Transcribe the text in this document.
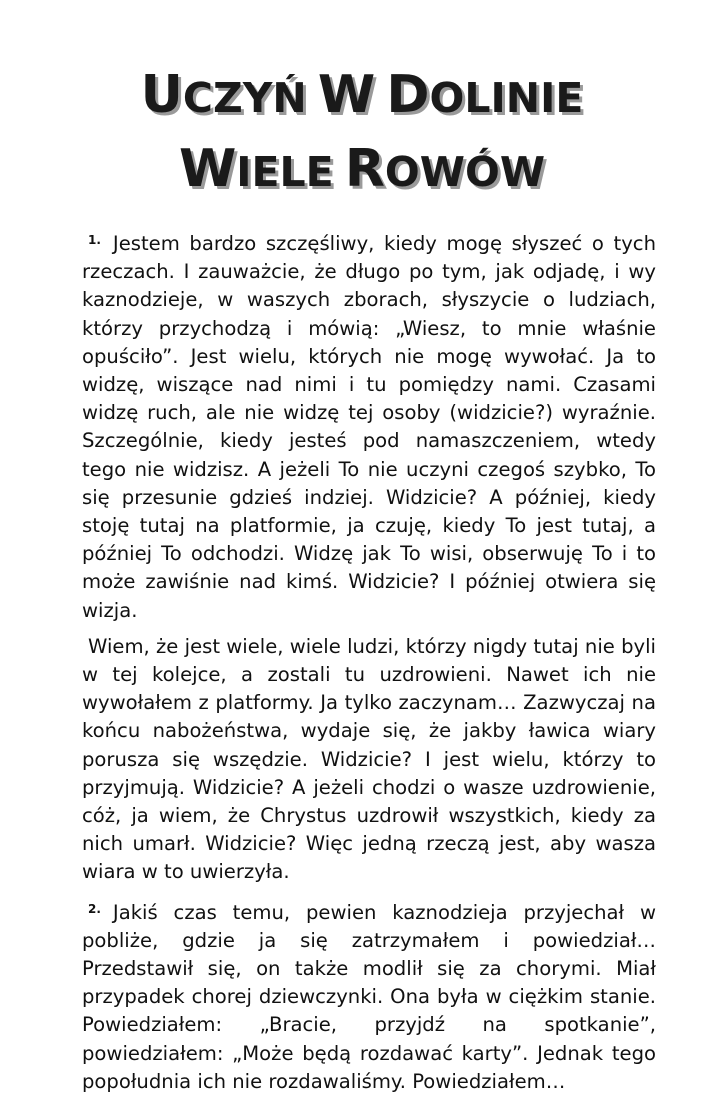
UCZYŃ W DOLINIE
WIELE ROWÓW

$^{1.}$ Jestem bardzo szczęśliwy, kiedy mogę słyszeć o tych rzeczach. I zauważcie, że długo po tym, jak odjadę, i wy kaznodzieje, w waszych zborach, słyszycie o ludziach, którzy przychodzą i mówią: „Wiesz, to mnie właśnie opuściło”. Jest wielu, których nie mogę wywołać. Ja to widzę, wiszące nad nimi i tu pomiędzy nami. Czasami widzę ruch, ale nie widzę tej osoby (widzicie?) wyraźnie. Szczególnie, kiedy jesteś pod namaszczeniem, wtedy tego nie widzisz. A jeżeli To nie uczyni czegoś szybko, To się przesunie gdzieś indziej. Widzicie? A później, kiedy stoję tutaj na platformie, ja czuję, kiedy To jest tutaj, a później To odchodzi. Widzę jak To wisi, obserwuję To i to może zawiśnie nad kimś. Widzicie? I później otwiera się wizja.

Wiem, że jest wiele, wiele ludzi, którzy nigdy tutaj nie byli w tej kolejce, a zostali tu uzdrowieni. Nawet ich nie wywołałem z platformy. Ja tylko zaczynam… Zazwyczaj na końcu nabożeństwa, wydaje się, że jakby ławica wiary porusza się wszędzie. Widzicie? I jest wielu, którzy to przyjmują. Widzicie? A jeżeli chodzi o wasze uzdrowienie, cóż, ja wiem, że Chrystus uzdrowił wszystkich, kiedy za nich umarł. Widzicie? Więc jedną rzeczą jest, aby wasza wiara w to uwierzyła.

$^{2.}$ Jakiś czas temu, pewien kaznodzieja przyjechał w pobliże, gdzie ja się zatrzymałem i powiedział… Przedstawił się, on także modlił się za chorymi. Miał przypadek chorej dziewczynki. Ona była w ciężkim stanie. Powiedziałem: „Bracie, przyjdź na spotkanie”, powiedziałem: „Może będą rozdawać karty”. Jednak tego popołudnia ich nie rozdawaliśmy. Powiedziałem…
